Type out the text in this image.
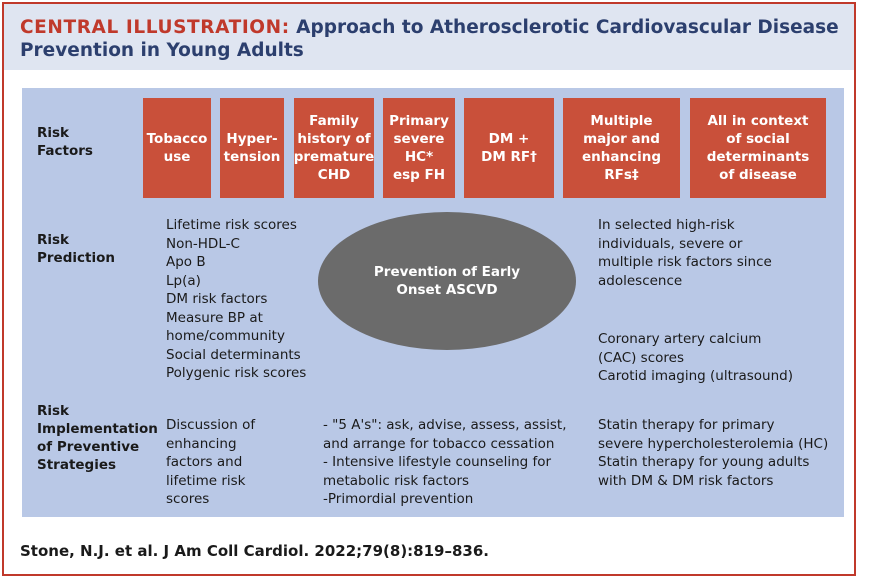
CENTRAL ILLUSTRATION: Approach to Atherosclerotic Cardiovascular Disease Prevention in Young Adults

Risk
Factors

Risk
Prediction

Risk
Implementation
of Preventive
Strategies

Tobacco
use
Hyper-
tension
Family
history of
premature
CHD
Primary
severe
HC*
esp FH
DM +
DM RF†
Multiple
major and
enhancing
RFs‡
All in context
of social
determinants
of disease

Lifetime risk scores
Non-HDL-C
Apo B
Lp(a)
DM risk factors
Measure BP at
home/community
Social determinants
Polygenic risk scores

Prevention of Early
Onset ASCVD

In selected high-risk
individuals, severe or
multiple risk factors since
adolescence

Coronary artery calcium
(CAC) scores
Carotid imaging (ultrasound)

Discussion of
enhancing
factors and
lifetime risk
scores

- "5 A's": ask, advise, assess, assist,
and arrange for tobacco cessation
- Intensive lifestyle counseling for
metabolic risk factors
-Primordial prevention

Statin therapy for primary
severe hypercholesterolemia (HC)
Statin therapy for young adults
with DM & DM risk factors

Stone, N.J. et al. J Am Coll Cardiol. 2022;79(8):819–836.
